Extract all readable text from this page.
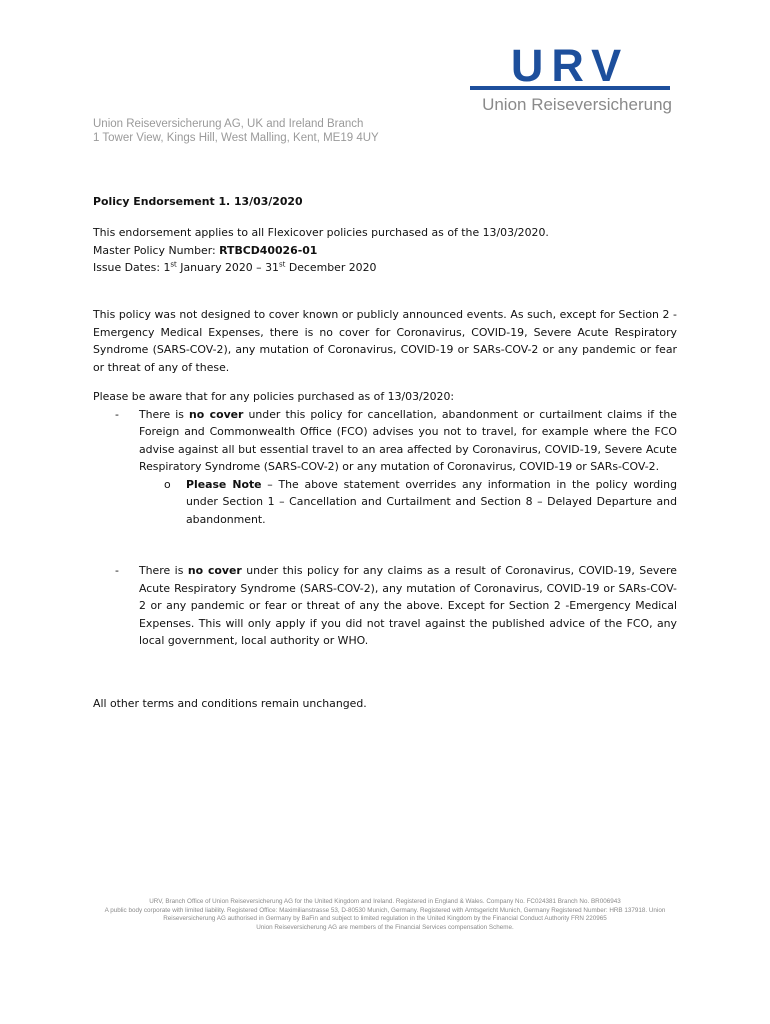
URV
Union Reiseversicherung
Union Reiseversicherung AG, UK and Ireland Branch
1 Tower View, Kings Hill, West Malling, Kent, ME19 4UY
Policy Endorsement 1. 13/03/2020
This endorsement applies to all Flexicover policies purchased as of the 13/03/2020.
Master Policy Number: RTBCD40026-01
Issue Dates: 1st January 2020 – 31st December 2020
This policy was not designed to cover known or publicly announced events. As such, except for Section 2 - Emergency Medical Expenses, there is no cover for Coronavirus, COVID-19, Severe Acute Respiratory Syndrome (SARS-COV-2), any mutation of Coronavirus, COVID-19 or SARs-COV-2 or any pandemic or fear or threat of any of these.
Please be aware that for any policies purchased as of 13/03/2020:
- There is no cover under this policy for cancellation, abandonment or curtailment claims if the Foreign and Commonwealth Office (FCO) advises you not to travel, for example where the FCO advise against all but essential travel to an area affected by Coronavirus, COVID-19, Severe Acute Respiratory Syndrome (SARS-COV-2) or any mutation of Coronavirus, COVID-19 or SARs-COV-2.
o Please Note – The above statement overrides any information in the policy wording under Section 1 – Cancellation and Curtailment and Section 8 – Delayed Departure and abandonment.
- There is no cover under this policy for any claims as a result of Coronavirus, COVID-19, Severe Acute Respiratory Syndrome (SARS-COV-2), any mutation of Coronavirus, COVID-19 or SARs-COV-2 or any pandemic or fear or threat of any the above. Except for Section 2 -Emergency Medical Expenses. This will only apply if you did not travel against the published advice of the FCO, any local government, local authority or WHO.
All other terms and conditions remain unchanged.
URV, Branch Office of Union Reiseversicherung AG for the United Kingdom and Ireland. Registered in England & Wales. Company No. FC024381 Branch No. BR006943
A public body corporate with limited liability. Registered Office: Maximilianstrasse 53, D-80530 Munich, Germany. Registered with Amtsgericht Munich, Germany Registered Number: HRB 137918. Union Reiseversicherung AG authorised in Germany by BaFin and subject to limited regulation in the United Kingdom by the Financial Conduct Authority FRN 220965
Union Reiseversicherung AG are members of the Financial Services compensation Scheme.
